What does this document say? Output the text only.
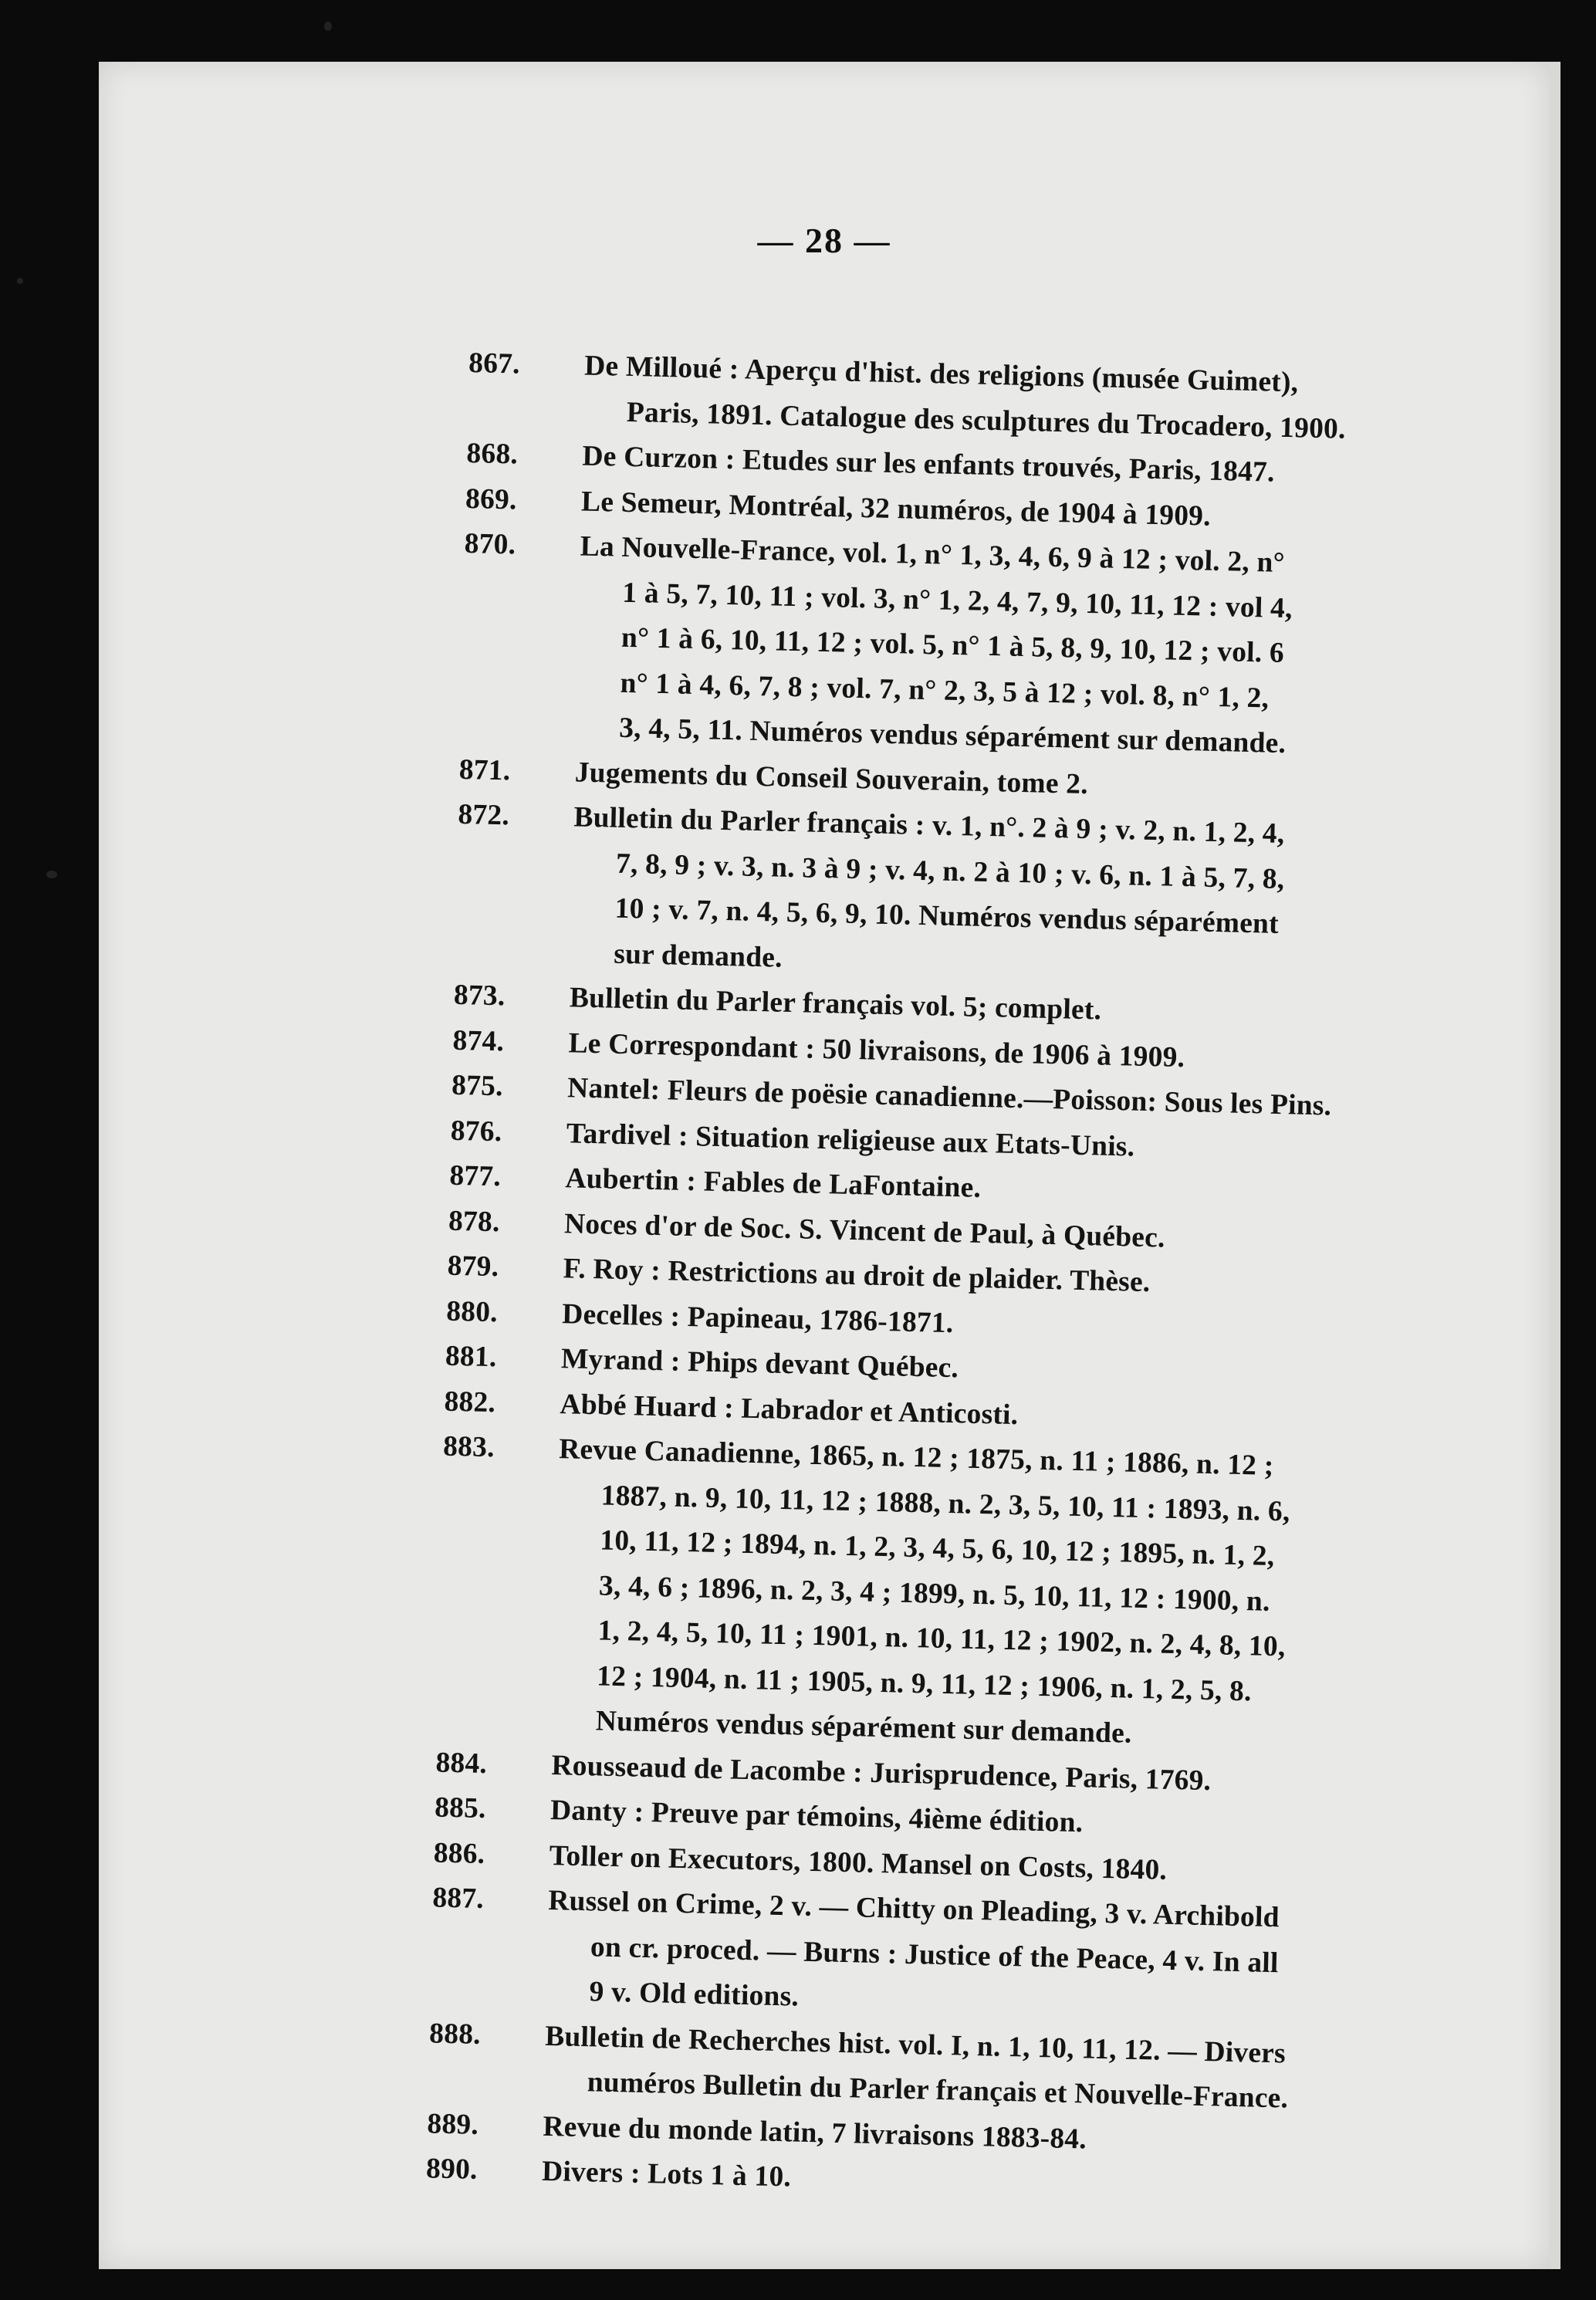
— 28 —
867.	De Milloué : Aperçu d'hist. des religions (musée Guimet),
Paris, 1891. Catalogue des sculptures du Trocadero, 1900.
868.	De Curzon : Etudes sur les enfants trouvés, Paris, 1847.
869.	Le Semeur, Montréal, 32 numéros, de 1904 à 1909.
870.	La Nouvelle-France, vol. 1, n° 1, 3, 4, 6, 9 à 12 ; vol. 2, n°
1 à 5, 7, 10, 11 ; vol. 3, n° 1, 2, 4, 7, 9, 10, 11, 12 : vol 4,
n° 1 à 6, 10, 11, 12 ; vol. 5, n° 1 à 5, 8, 9, 10, 12 ; vol. 6
n° 1 à 4, 6, 7, 8 ; vol. 7, n° 2, 3, 5 à 12 ; vol. 8, n° 1, 2,
3, 4, 5, 11. Numéros vendus séparément sur demande.
871.	Jugements du Conseil Souverain, tome 2.
872.	Bulletin du Parler français : v. 1, n°. 2 à 9 ; v. 2, n. 1, 2, 4,
7, 8, 9 ; v. 3, n. 3 à 9 ; v. 4, n. 2 à 10 ; v. 6, n. 1 à 5, 7, 8,
10 ; v. 7, n. 4, 5, 6, 9, 10. Numéros vendus séparément
sur demande.
873.	Bulletin du Parler français vol. 5; complet.
874.	Le Correspondant : 50 livraisons, de 1906 à 1909.
875.	Nantel: Fleurs de poësie canadienne.—Poisson: Sous les Pins.
876.	Tardivel : Situation religieuse aux Etats-Unis.
877.	Aubertin : Fables de LaFontaine.
878.	Noces d'or de Soc. S. Vincent de Paul, à Québec.
879.	F. Roy : Restrictions au droit de plaider. Thèse.
880.	Decelles : Papineau, 1786-1871.
881.	Myrand : Phips devant Québec.
882.	Abbé Huard : Labrador et Anticosti.
883.	Revue Canadienne, 1865, n. 12 ; 1875, n. 11 ; 1886, n. 12 ;
1887, n. 9, 10, 11, 12 ; 1888, n. 2, 3, 5, 10, 11 : 1893, n. 6,
10, 11, 12 ; 1894, n. 1, 2, 3, 4, 5, 6, 10, 12 ; 1895, n. 1, 2,
3, 4, 6 ; 1896, n. 2, 3, 4 ; 1899, n. 5, 10, 11, 12 : 1900, n.
1, 2, 4, 5, 10, 11 ; 1901, n. 10, 11, 12 ; 1902, n. 2, 4, 8, 10,
12 ; 1904, n. 11 ; 1905, n. 9, 11, 12 ; 1906, n. 1, 2, 5, 8.
Numéros vendus séparément sur demande.
884.	Rousseaud de Lacombe : Jurisprudence, Paris, 1769.
885.	Danty : Preuve par témoins, 4ième édition.
886.	Toller on Executors, 1800. Mansel on Costs, 1840.
887.	Russel on Crime, 2 v. — Chitty on Pleading, 3 v. Archibold
on cr. proced. — Burns : Justice of the Peace, 4 v. In all
9 v. Old editions.
888.	Bulletin de Recherches hist. vol. I, n. 1, 10, 11, 12. — Divers
numéros Bulletin du Parler français et Nouvelle-France.
889.	Revue du monde latin, 7 livraisons 1883-84.
890.	Divers : Lots 1 à 10.
